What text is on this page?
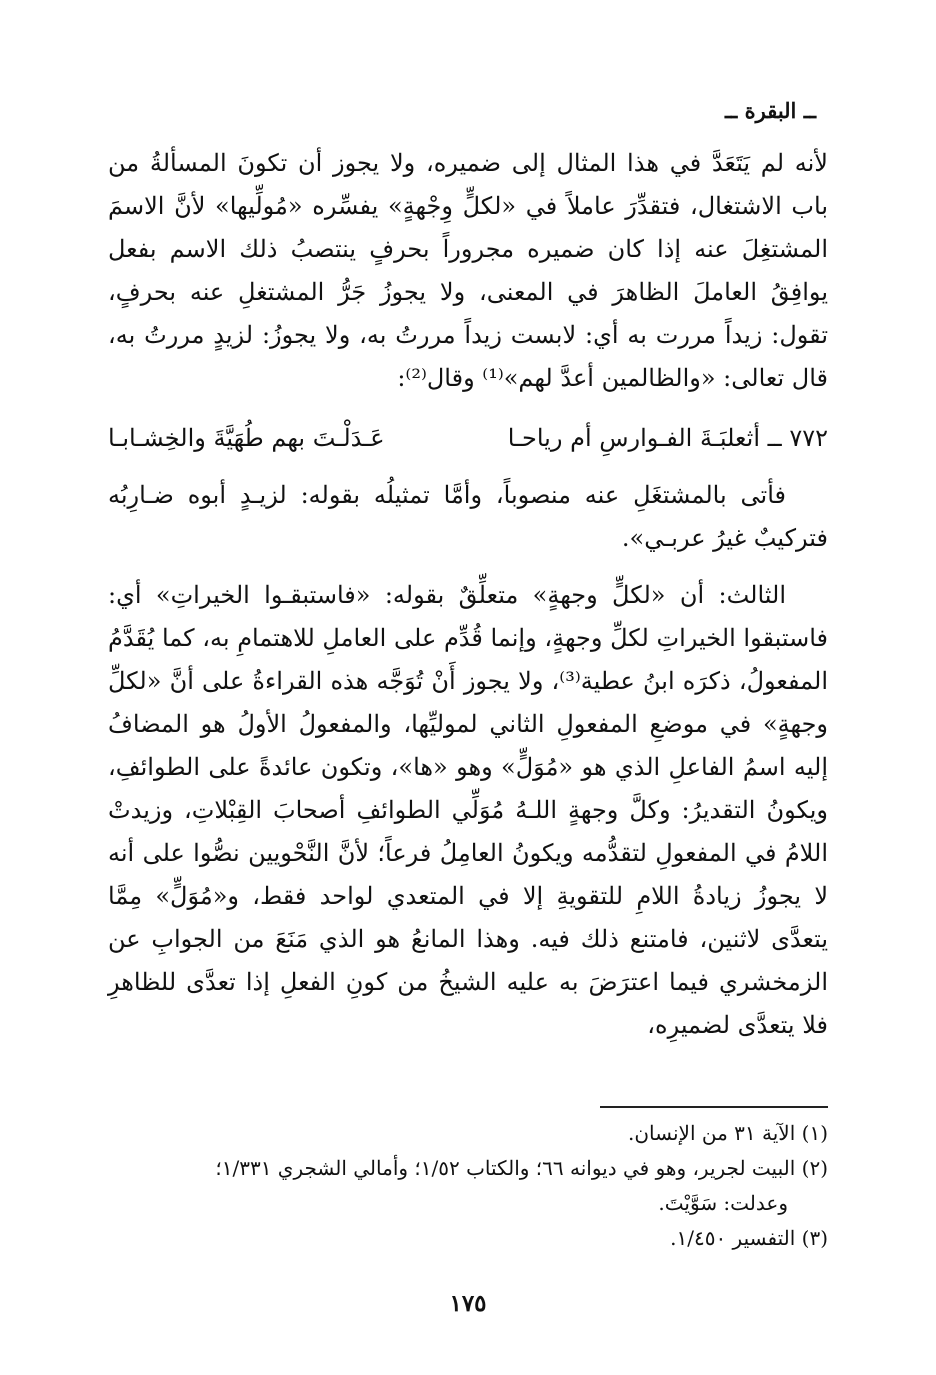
ــ البقرة ــ

لأنه لم يَتَعَدَّ في هذا المثال إلى ضميره، ولا يجوز أن تكونَ المسألةُ من باب الاشتغال، فتقدِّرَ عاملاً في «لكلٍّ وِجْهةٍ» يفسِّره «مُولِّيها» لأنَّ الاسمَ المشتغِلَ عنه إذا كان ضميره مجروراً بحرفٍ ينتصبُ ذلك الاسم بفعل يوافِقُ العاملَ الظاهرَ في المعنى، ولا يجوزُ جَرُّ المشتغلِ عنه بحرفٍ، تقول: زيداً مررت به أي: لابست زيداً مررتُ به، ولا يجوزُ: لزيدٍ مررتُ به، قال تعالى: «والظالمين أعدَّ لهم»⁽¹⁾ وقال⁽²⁾:

٧٧٢ ــ أثعلبَـةَ الفـوارسِ أم رياحـا
عَـدَلْـتَ بهم طُهَيَّةَ والخِشـابـا

فأتى بالمشتغَلِ عنه منصوباً، وأمَّا تمثيلُه بقوله: لزيـدٍ أبوه ضـارِبُه فتركيبٌ غيرُ عربـي».

الثالث: أن «لكلٍّ وجهةٍ» متعلِّقٌ بقوله: «فاستبقـوا الخيراتِ» أي: فاستبقوا الخيراتِ لكلِّ وجهةٍ، وإنما قُدِّم على العاملِ للاهتمامِ به، كما يُقَدَّمُ المفعولُ، ذكرَه ابنُ عطية⁽³⁾، ولا يجوز أَنْ تُوَجَّه هذه القراءةُ على أنَّ «لكلِّ وجهةٍ» في موضعِ المفعولِ الثاني لموليِّها، والمفعولُ الأولُ هو المضافُ إليه اسمُ الفاعلِ الذي هو «مُوَلٍّ» وهو «ها»، وتكون عائدةً على الطوائفِ، ويكونُ التقديرُ: وكلَّ وجهةٍ اللـهُ مُوَلِّي الطوائفِ أصحابَ القِبْلاتِ، وزيدتْ اللامُ في المفعولِ لتقدُّمه ويكونُ العامِلُ فرعاً؛ لأنَّ النَّحْويين نصُّوا على أنه لا يجوزُ زيادةُ اللامِ للتقويةِ إلا في المتعدي لواحد فقط، و«مُوَلٍّ» مِمَّا يتعدَّى لاثنين، فامتنع ذلك فيه. وهذا المانعُ هو الذي مَنَعَ من الجوابِ عن الزمخشري فيما اعترَضَ به عليه الشيخُ من كونِ الفعلِ إذا تعدَّى للظاهرِ فلا يتعدَّى لضميرِه،

(١) الآية ٣١ من الإنسان.

(٢) البيت لجرير، وهو في ديوانه ٦٦؛ والكتاب ١/٥٢؛ وأمالي الشجري ١/٣٣١؛

وعدلت: سَوَّيْتَ.

(٣) التفسير ١/٤٥٠.

١٧٥
